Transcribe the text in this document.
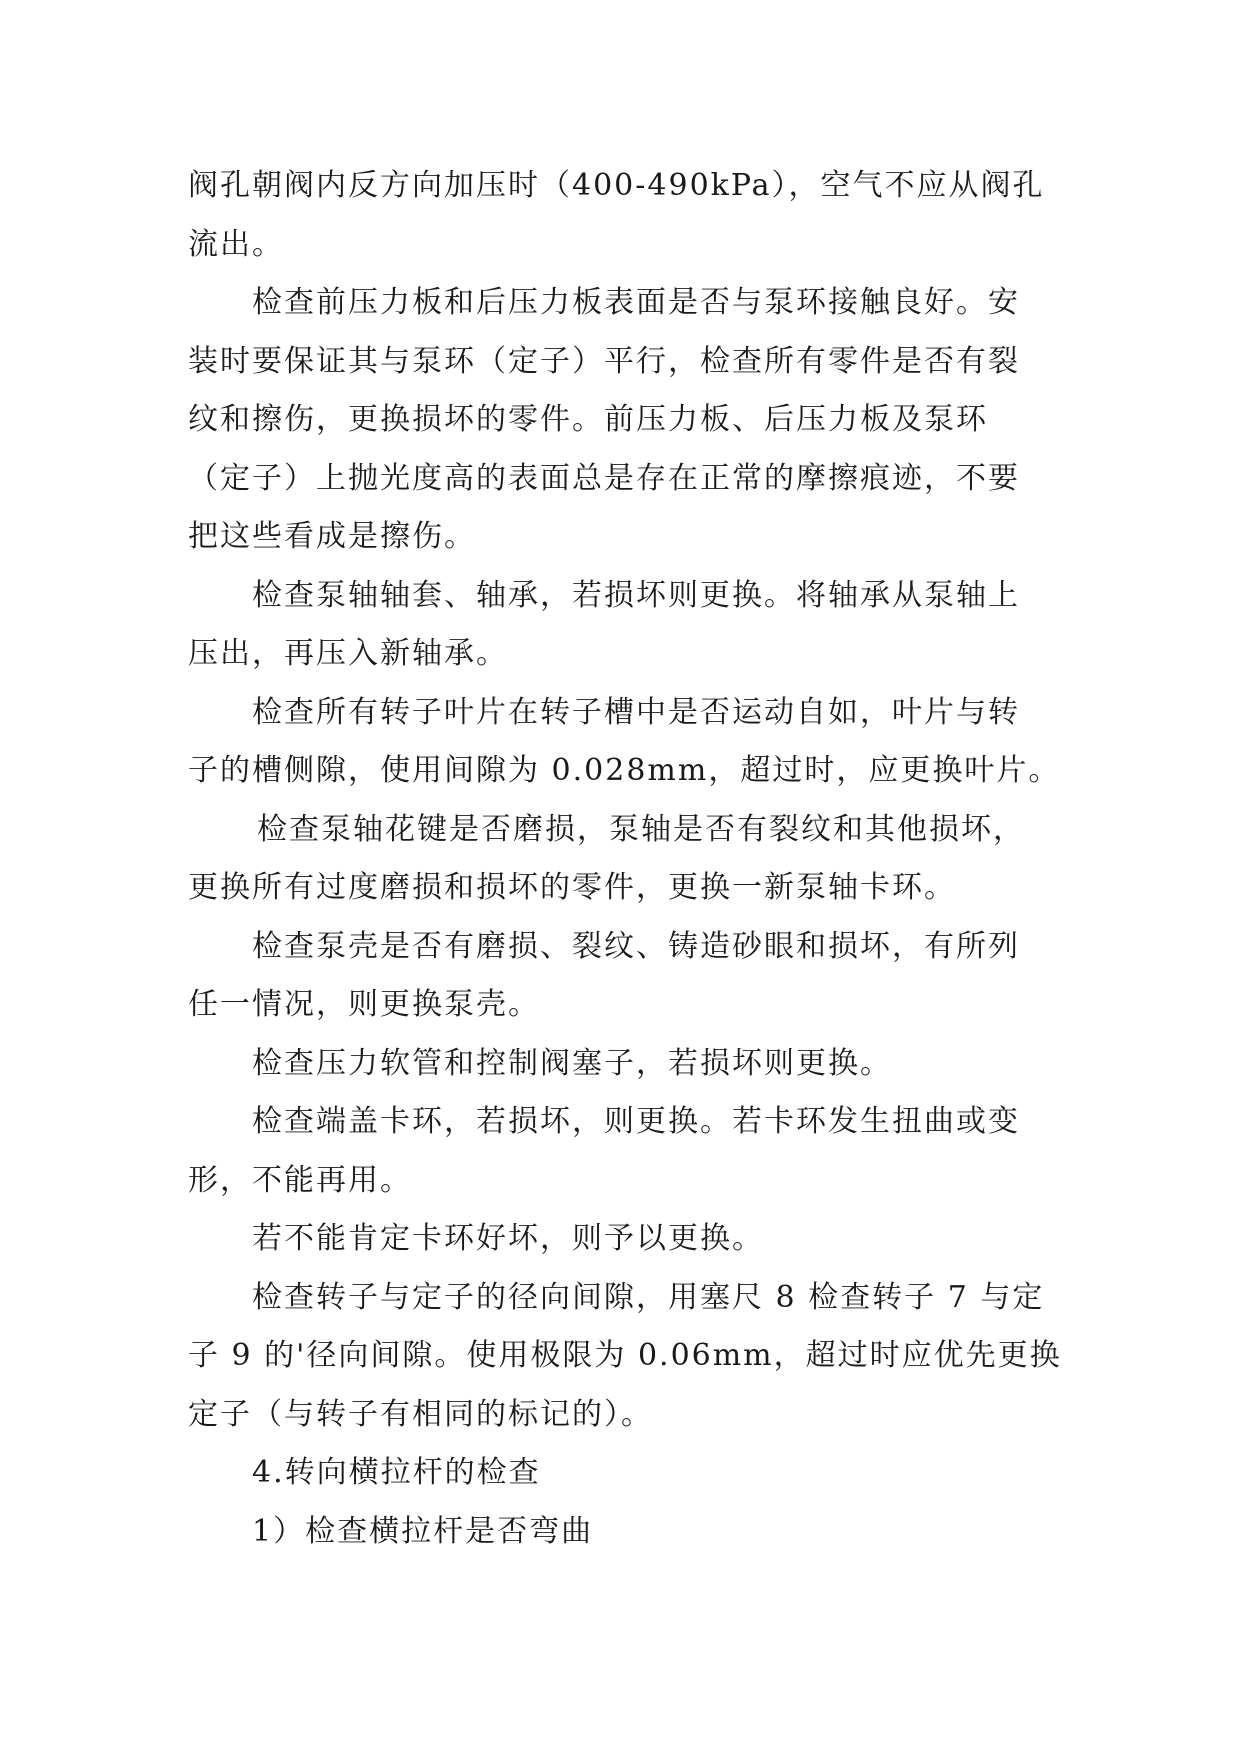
阀孔朝阀内反方向加压时（400-490kPa），空气不应从阀孔

流出。

检查前压力板和后压力板表面是否与泵环接触良好。安

装时要保证其与泵环（定子）平行，检查所有零件是否有裂

纹和擦伤，更换损坏的零件。前压力板、后压力板及泵环

（定子）上抛光度高的表面总是存在正常的摩擦痕迹，不要

把这些看成是擦伤。

检查泵轴轴套、轴承，若损坏则更换。将轴承从泵轴上

压出，再压入新轴承。

检查所有转子叶片在转子槽中是否运动自如，叶片与转

子的槽侧隙，使用间隙为 0.028mm，超过时，应更换叶片。

检查泵轴花键是否磨损，泵轴是否有裂纹和其他损坏，

更换所有过度磨损和损坏的零件，更换一新泵轴卡环。

检查泵壳是否有磨损、裂纹、铸造砂眼和损坏，有所列

任一情况，则更换泵壳。

检查压力软管和控制阀塞子，若损坏则更换。

检查端盖卡环，若损坏，则更换。若卡环发生扭曲或变

形，不能再用。

若不能肯定卡环好坏，则予以更换。

检查转子与定子的径向间隙，用塞尺 8 检查转子 7 与定

子 9 的'径向间隙。使用极限为 0.06mm，超过时应优先更换

定子（与转子有相同的标记的）。

4.转向横拉杆的检查

1）检查横拉杆是否弯曲
